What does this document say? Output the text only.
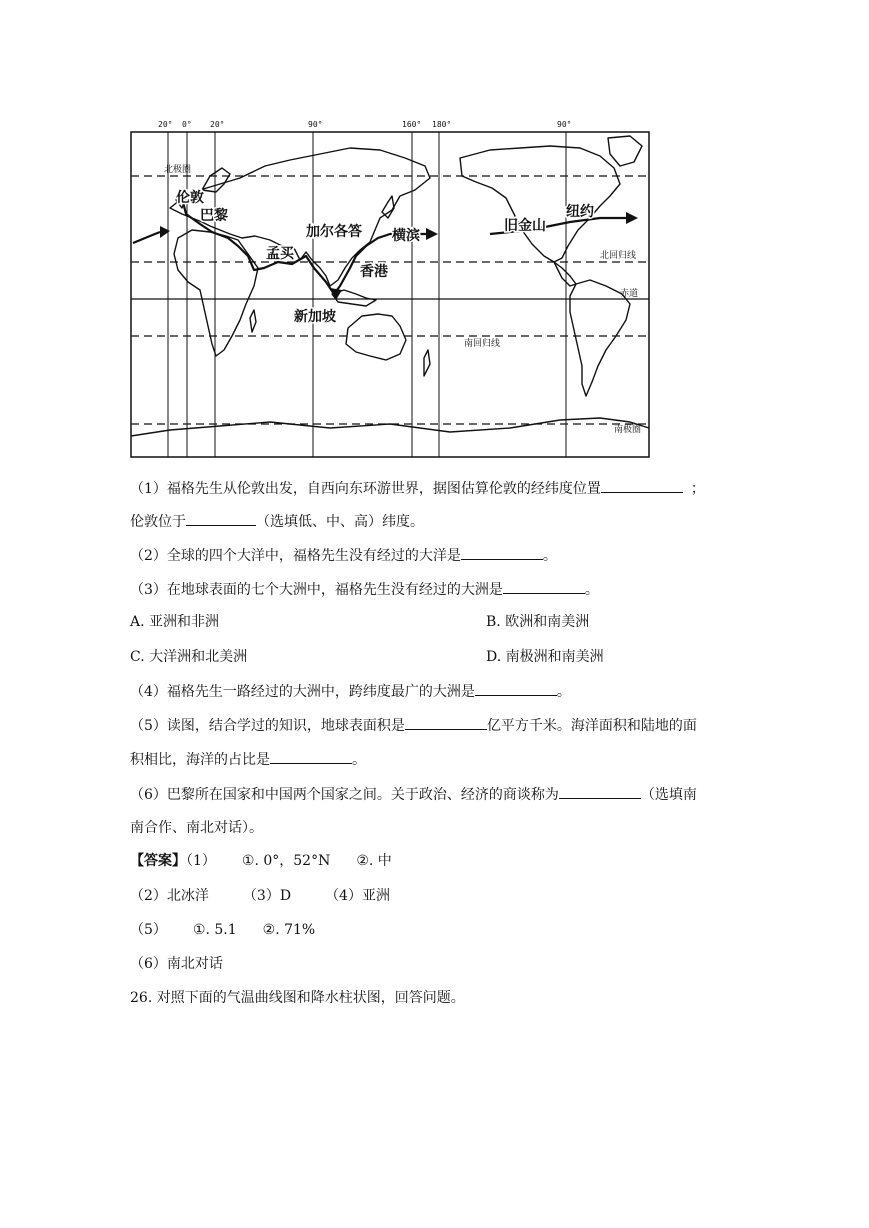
20° 0° 20°	90°	160° 180°	90°
北极圈
北回归线
赤道
南回归线
南极圈
伦敦
巴黎
加尔各答
孟买
新加坡
香港
横滨
旧金山
纽约
（1）福格先生从伦敦出发，自西向东环游世界，据图估算伦敦的经纬度位置	；
伦敦位于	（选填低、中、高）纬度。
（2）全球的四个大洋中，福格先生没有经过的大洋是	。
（3）在地球表面的七个大洲中，福格先生没有经过的大洲是	。
A. 亚洲和非洲	B. 欧洲和南美洲
C. 大洋洲和北美洲	D. 南极洲和南美洲
（4）福格先生一路经过的大洲中，跨纬度最广的大洲是	。
（5）读图，结合学过的知识，地球表面积是	亿平方千米。海洋面积和陆地的面
积相比，海洋的占比是	。
（6）巴黎所在国家和中国两个国家之间。关于政治、经济的商谈称为	（选填南
南合作、南北对话）。
【答案】（1） ①. 0°，52°N ②. 中
（2）北冰洋 （3）D （4）亚洲
（5） ①. 5.1 ②. 71%
（6）南北对话
26. 对照下面的气温曲线图和降水柱状图，回答问题。
